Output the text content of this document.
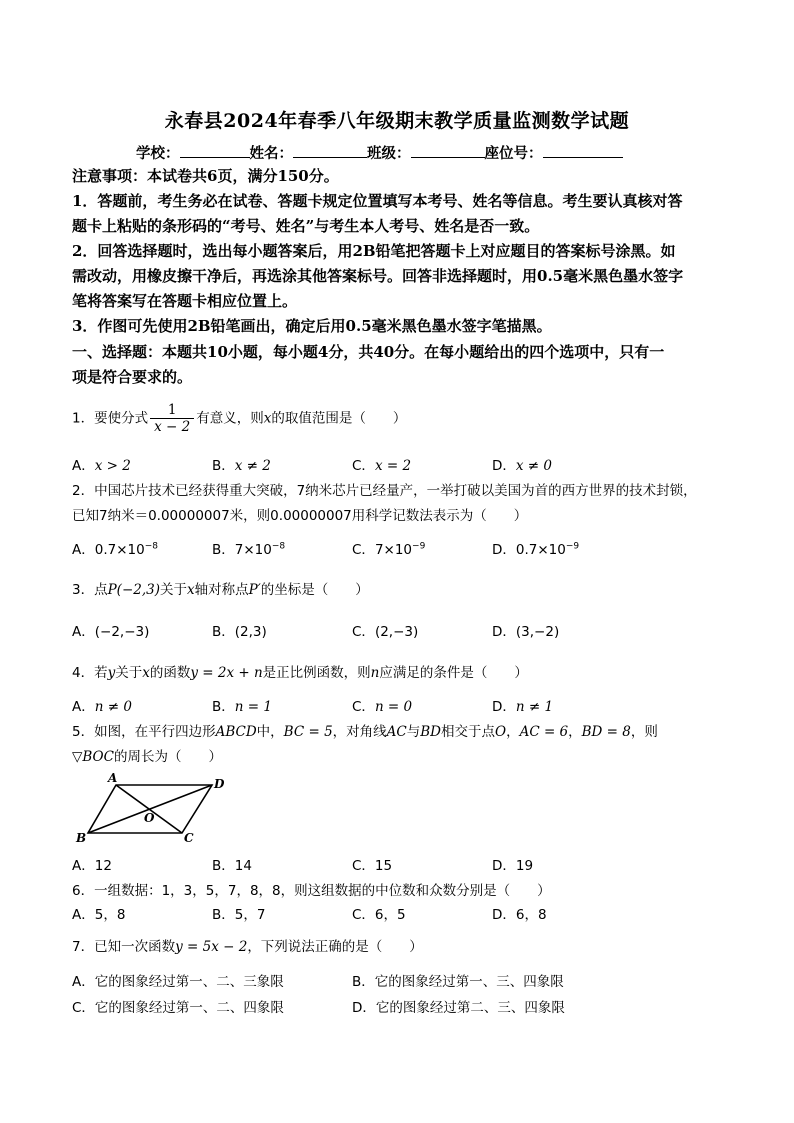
永春县2024年春季八年级期末教学质量监测数学试题
学校：	姓名：	班级：	座位号：
注意事项：本试卷共6页，满分150分。
1．答题前，考生务必在试卷、答题卡规定位置填写本考号、姓名等信息。考生要认真核对答
题卡上粘贴的条形码的“考号、姓名”与考生本人考号、姓名是否一致。
2．回答选择题时，选出每小题答案后，用2B铅笔把答题卡上对应题目的答案标号涂黑。如
需改动，用橡皮擦干净后，再选涂其他答案标号。回答非选择题时，用0.5毫米黑色墨水签字
笔将答案写在答题卡相应位置上。
3．作图可先使用2B铅笔画出，确定后用0.5毫米黑色墨水签字笔描黑。
一、选择题：本题共10小题，每小题4分，共40分。在每小题给出的四个选项中，只有一
项是符合要求的。
1．要使分式 $\frac{1}{x - 2}$ 有意义，则x的取值范围是（　　）
A．x > 2	B．x ≠ 2	C．x = 2	D．x ≠ 0
2．中国芯片技术已经获得重大突破，7纳米芯片已经量产，一举打破以美国为首的西方世界的技术封锁，
已知7纳米＝0.00000007米，则0.00000007用科学记数法表示为（　　）
A．$0.7\times 10^{-8}$	B．$7\times 10^{-8}$	C．$7\times 10^{-9}$	D．$0.7\times 10^{-9}$
3．点P(−2,3)关于x轴对称点P′的坐标是（　　）
A．(−2,−3)	B．(2,3)	C．(2,−3)	D．(3,−2)
4．若y关于x的函数y = 2x + n是正比例函数，则n应满足的条件是（　　）
A．n ≠ 0	B．n = 1	C．n = 0	D．n ≠ 1
5．如图，在平行四边形ABCD中，BC = 5，对角线AC与BD相交于点O，AC = 6，BD = 8，则
▽BOC的周长为（　　）
A	D
B	C
O
A．12	B．14	C．15	D．19
6．一组数据：1，3，5，7，8，8，则这组数据的中位数和众数分别是（　　）
A．5，8	B．5，7	C．6，5	D．6，8
7．已知一次函数y = 5x − 2，下列说法正确的是（　　）
A．它的图象经过第一、二、三象限	B．它的图象经过第一、三、四象限
C．它的图象经过第一、二、四象限	D．它的图象经过第二、三、四象限
